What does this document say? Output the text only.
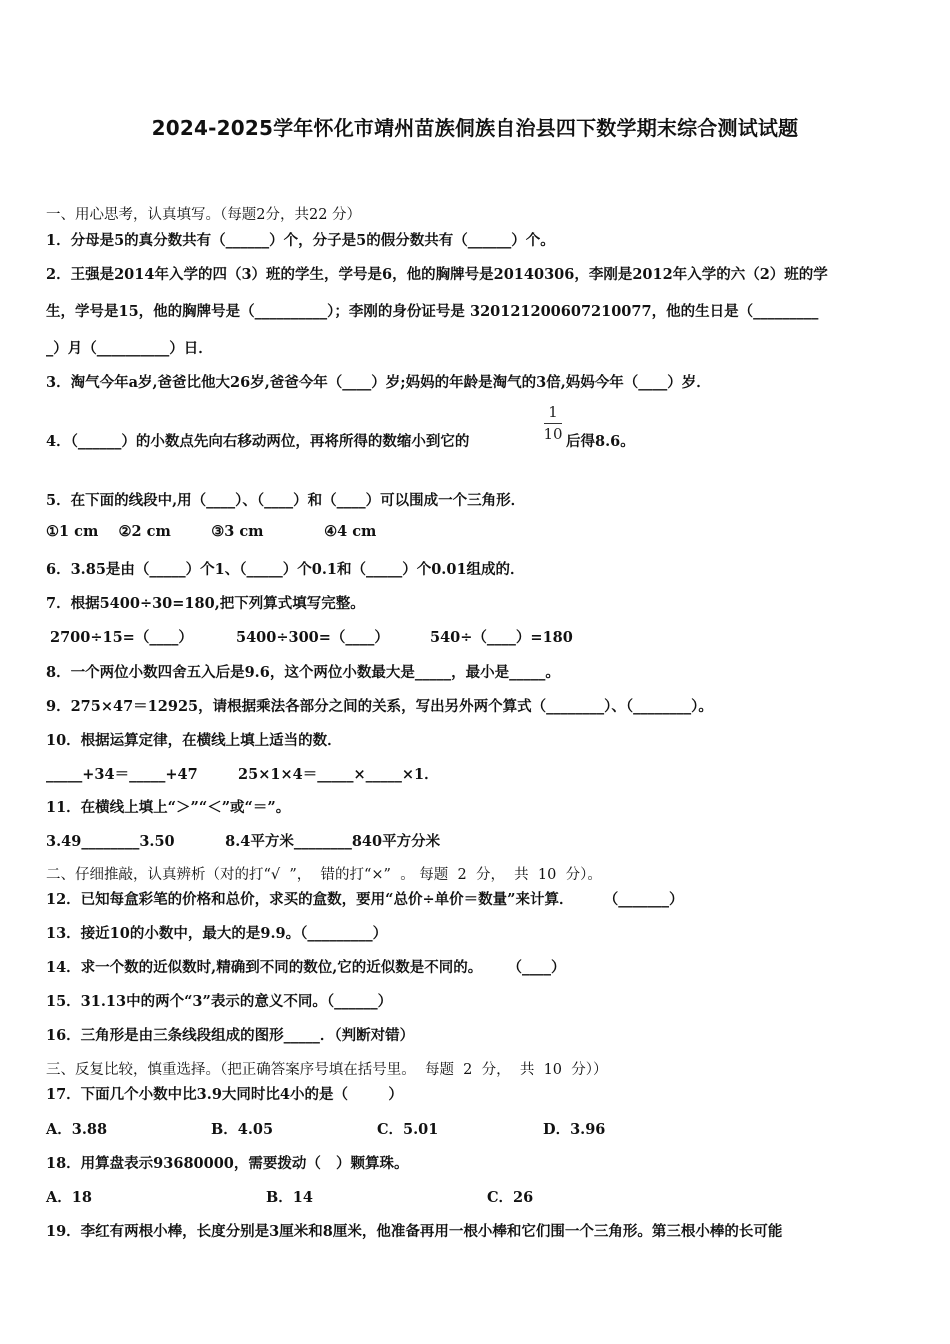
2024-2025学年怀化市靖州苗族侗族自治县四下数学期末综合测试试题
一、用心思考，认真填写。（每题2分，共22 分）
1．分母是5的真分数共有（______）个，分子是5的假分数共有（______）个。
2．王强是2014年入学的四（3）班的学生，学号是6，他的胸牌号是20140306，李刚是2012年入学的六（2）班的学
生，学号是15，他的胸牌号是（__________）；李刚的身份证号是 320121200607210077，他的生日是（_________
_）月（__________）日．
3．淘气今年a岁,爸爸比他大26岁,爸爸今年（____）岁;妈妈的年龄是淘气的3倍,妈妈今年（____）岁．
4．（______）的小数点先向右移动两位，再将所得的数缩小到它的
1
10 后得8.6。
5．在下面的线段中,用（____）、（____）和（____）可以围成一个三角形．
①1 cm    ②2 cm        ③3 cm            ④4 cm
6．3.85是由（_____）个1、（_____）个0.1和（_____）个0.01组成的．
7．根据5400÷30=180,把下列算式填写完整。
2700÷15=（____）	5400÷300=（____）	540÷（____）=180
8．一个两位小数四舍五入后是9.6，这个两位小数最大是_____，最小是_____。
9．275×47＝12925，请根据乘法各部分之间的关系，写出另外两个算式（________）、（________）。
10．根据运算定律，在横线上填上适当的数．
_____+34＝_____+47        25×1×4＝_____×_____×1．
11．在横线上填上“＞”“＜”或“＝”。
3.49________3.50          8.4平方米________840平方分米
二、仔细推敲，认真辨析（对的打“√  ”，  错的打“×”  。 每题  2  分，  共  10  分）。
12．已知每盒彩笔的价格和总价，求买的盒数，要用“总价÷单价＝数量”来计算．      （_______）
13．接近10的小数中，最大的是9.9。（_________）
14．求一个数的近似数时,精确到不同的数位,它的近似数是不同的。     （____）
15．31.13中的两个“3”表示的意义不同。（______）
16．三角形是由三条线段组成的图形_____．（判断对错）
三、反复比较，慎重选择。（把正确答案序号填在括号里。  每题  2  分，  共  10  分））
17．下面几个小数中比3.9大同时比4小的是（        ）
A．3.88	B．4.05	C．5.01	D．3.96
18．用算盘表示93680000，需要拨动（   ）颗算珠。
A．18	B．14	C．26
19．李红有两根小棒，长度分别是3厘米和8厘米，他准备再用一根小棒和它们围一个三角形。第三根小棒的长可能
